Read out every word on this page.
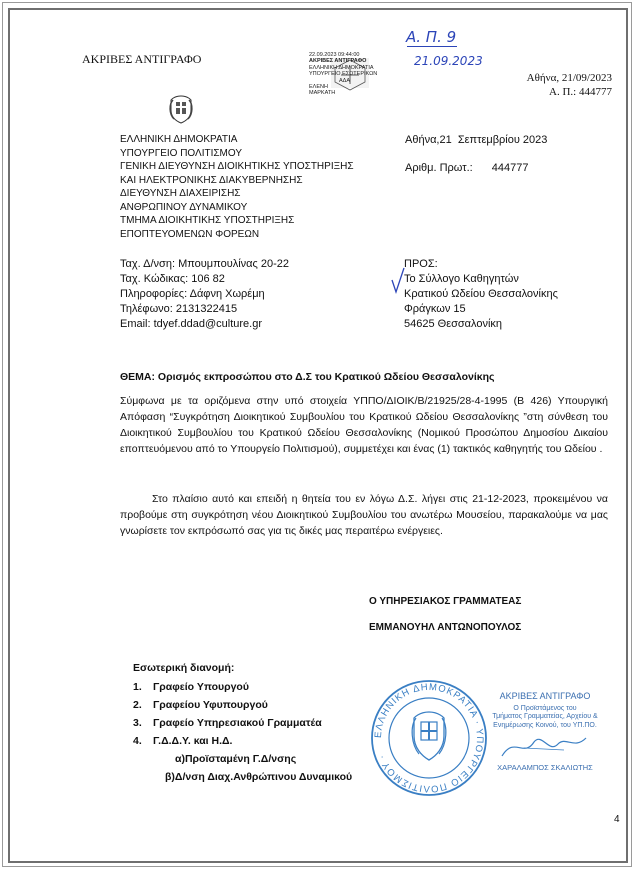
ΑΚΡΙΒΕΣ ΑΝΤΙΓΡΑΦΟ	22.09.2023 09:44:00
ΑΚΡΙΒΕΣ ΑΝΤΙΓΡΑΦΟ
ΕΛΛΗΝΙΚΗ ΔΗΜΟΚΡΑΤΙΑ
ΥΠΟΥΡΓΕΙΟ ΕΣΩΤΕΡΙΚΩΝ
ΑΔΑ
ΕΛΕΝΗ
ΜΑΡΚΑΤΗ
Α. Π. 9
21.09.2023
Αθήνα, 21/09/2023
Α. Π.: 444777
ΕΛΛΗΝΙΚΗ ΔΗΜΟΚΡΑΤΙΑ
ΥΠΟΥΡΓΕΙΟ ΠΟΛΙΤΙΣΜΟΥ
ΓΕΝΙΚΗ ΔΙΕΥΘΥΝΣΗ ΔΙΟΙΚΗΤΙΚΗΣ ΥΠΟΣΤΗΡΙΞΗΣ
ΚΑΙ ΗΛΕΚΤΡΟΝΙΚΗΣ ΔΙΑΚΥΒΕΡΝΗΣΗΣ
ΔΙΕΥΘΥΝΣΗ ΔΙΑΧΕΙΡΙΣΗΣ
ΑΝΘΡΩΠΙΝΟΥ ΔΥΝΑΜΙΚΟΥ
ΤΜΗΜΑ ΔΙΟΙΚΗΤΙΚΗΣ ΥΠΟΣΤΗΡΙΞΗΣ
ΕΠΟΠΤΕΥΟΜΕΝΩΝ ΦΟΡΕΩΝ
Αθήνα,21  Σεπτεμβρίου 2023
Αριθμ. Πρωτ.: 444777
Ταχ. Δ/νση: Μπουμπουλίνας 20-22
Ταχ. Κώδικας: 106 82
Πληροφορίες: Δάφνη Χωρέμη
Τηλέφωνο: 2131322415
Email: tdyef.ddad@culture.gr
ΠΡΟΣ:
Το Σύλλογο Καθηγητών
Κρατικού Ωδείου Θεσσαλονίκης
Φράγκων 15
54625 Θεσσαλονίκη
ΘΕΜΑ: Ορισμός εκπροσώπου στο Δ.Σ του Κρατικού Ωδείου Θεσσαλονίκης
Σύμφωνα με τα οριζόμενα στην υπό στοιχεία ΥΠΠΟ/ΔΙΟΙΚ/Β/21925/28-4-1995 (Β 426) Υπουργική Απόφαση “Συγκρότηση Διοικητικού Συμβουλίου του Κρατικού Ωδείου Θεσσαλονίκης ”στη σύνθεση του Διοικητικού Συμβουλίου του Κρατικού Ωδείου Θεσσαλονίκης (Νομικού Προσώπου Δημοσίου Δικαίου εποπτευόμενου από το Υπουργείο Πολιτισμού), συμμετέχει και ένας (1) τακτικός καθηγητής του Ωδείου .
Στο πλαίσιο αυτό και επειδή η θητεία του εν λόγω Δ.Σ. λήγει στις 21-12-2023, προκειμένου να προβούμε στη συγκρότηση νέου Διοικητικού Συμβουλίου του ανωτέρω Μουσείου, παρακαλούμε να μας γνωρίσετε τον εκπρόσωπό σας για τις δικές μας περαιτέρω ενέργειες.
Ο ΥΠΗΡΕΣΙΑΚΟΣ ΓΡΑΜΜΑΤΕΑΣ
ΕΜΜΑΝΟΥΗΛ ΑΝΤΩΝΟΠΟΥΛΟΣ
Εσωτερική διανομή:
1. Γραφείο Υπουργού
2. Γραφείου Υφυπουργού
3. Γραφείο Υπηρεσιακού Γραμματέα
4. Γ.Δ.Δ.Υ. και Η.Δ.
α)Προϊσταμένη Γ.Δ/νσης
β)Δ/νση Διαχ.Ανθρώπινου Δυναμικού
ΕΛΛΗΝΙΚΗ ΔΗΜΟΚΡΑΤΙΑ · ΥΠΟΥΡΓΕΙΟ ΠΟΛΙΤΙΣΜΟΥ ·
ΑΚΡΙΒΕΣ ΑΝΤΙΓΡΑΦΟ
Ο Προϊστάμενος του
Τμήματος Γραμματείας, Αρχείου &
Ενημέρωσης Κοινού, του ΥΠ.ΠΟ.
ΧΑΡΑΛΑΜΠΟΣ ΣΚΑΛΙΩΤΗΣ
4
